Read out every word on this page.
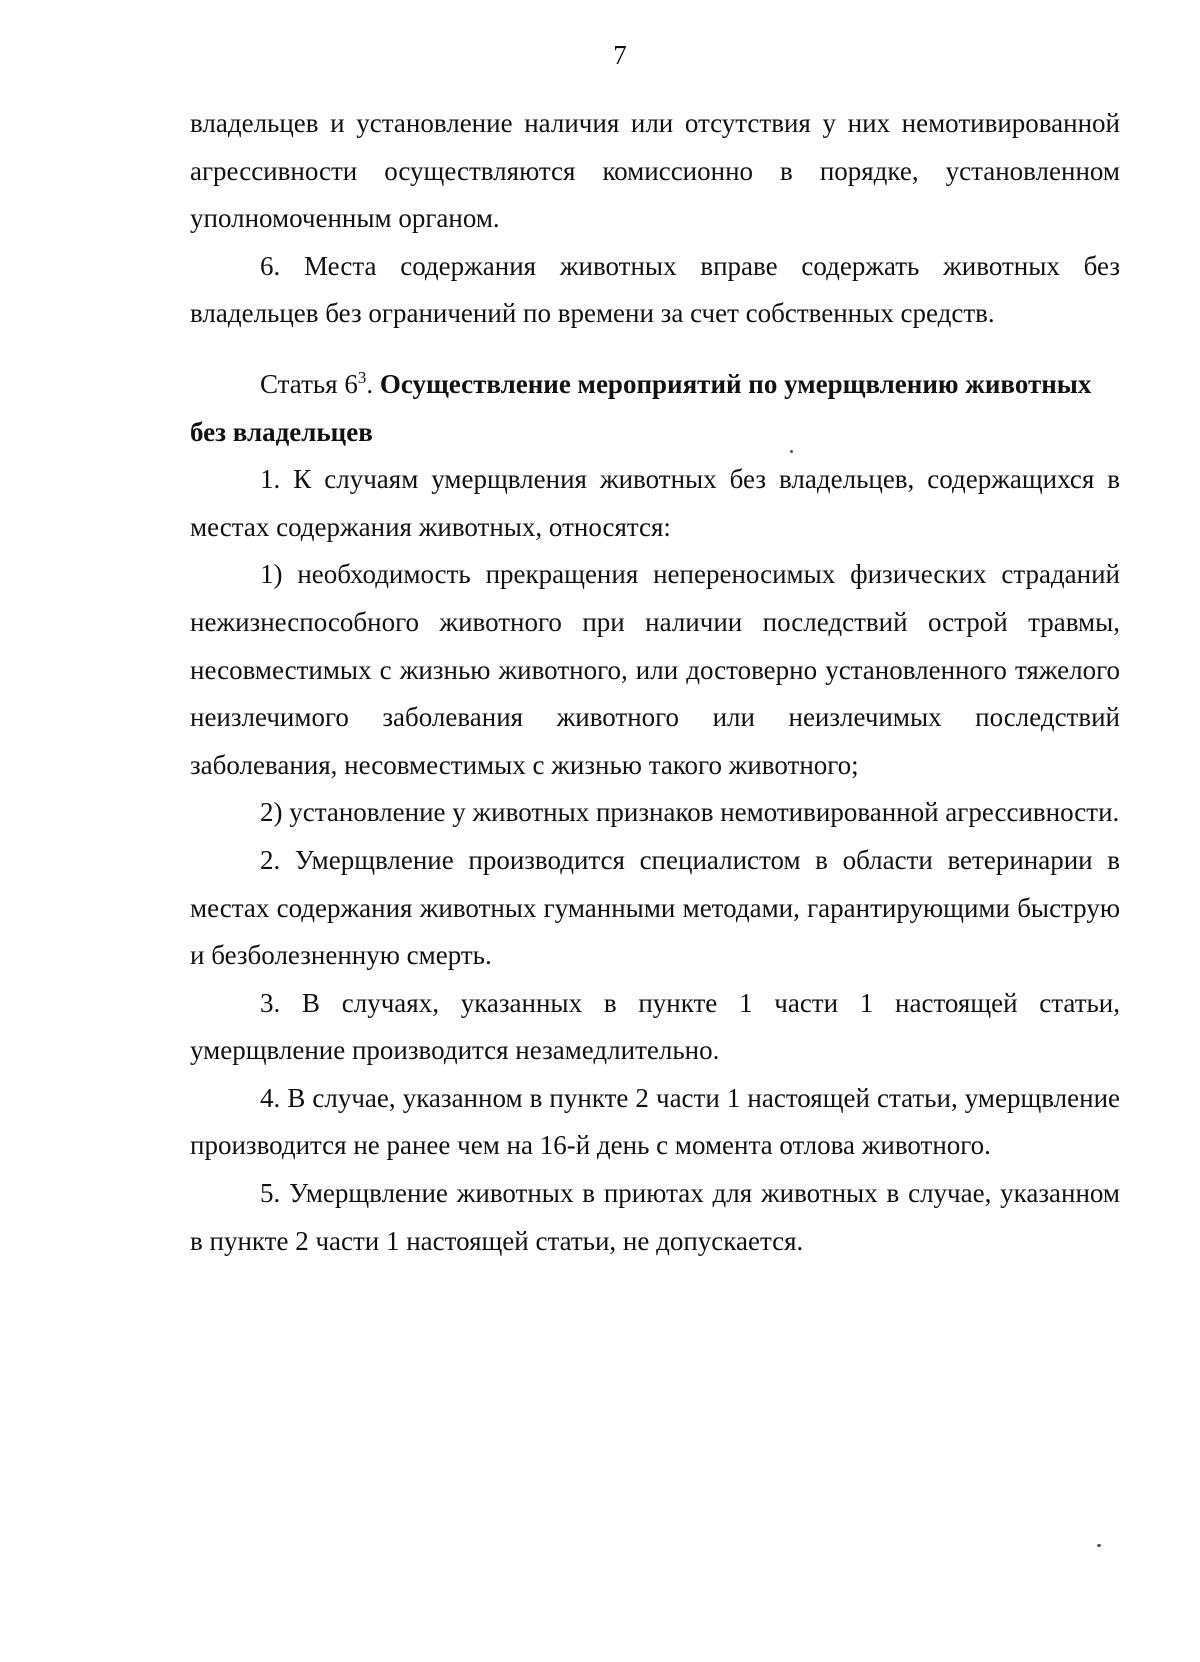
7

владельцев и установление наличия или отсутствия у них немотивированной агрессивности осуществляются комиссионно в порядке, установленном уполномоченным органом.

6. Места содержания животных вправе содержать животных без владельцев без ограничений по времени за счет собственных средств.

Статья $6^3$. Осуществление мероприятий по умерщвлению животных без владельцев

1. К случаям умерщвления животных без владельцев, содержащихся в местах содержания животных, относятся:

1) необходимость прекращения непереносимых физических страданий нежизнеспособного животного при наличии последствий острой травмы, несовместимых с жизнью животного, или достоверно установленного тяжелого неизлечимого заболевания животного или неизлечимых последствий заболевания, несовместимых с жизнью такого животного;

2) установление у животных признаков немотивированной агрессивности.

2. Умерщвление производится специалистом в области ветеринарии в местах содержания животных гуманными методами, гарантирующими быструю и безболезненную смерть.

3. В случаях, указанных в пункте 1 части 1 настоящей статьи, умерщвление производится незамедлительно.

4. В случае, указанном в пункте 2 части 1 настоящей статьи, умерщвление производится не ранее чем на 16-й день с момента отлова животного.

5. Умерщвление животных в приютах для животных в случае, указанном в пункте 2 части 1 настоящей статьи, не допускается.
